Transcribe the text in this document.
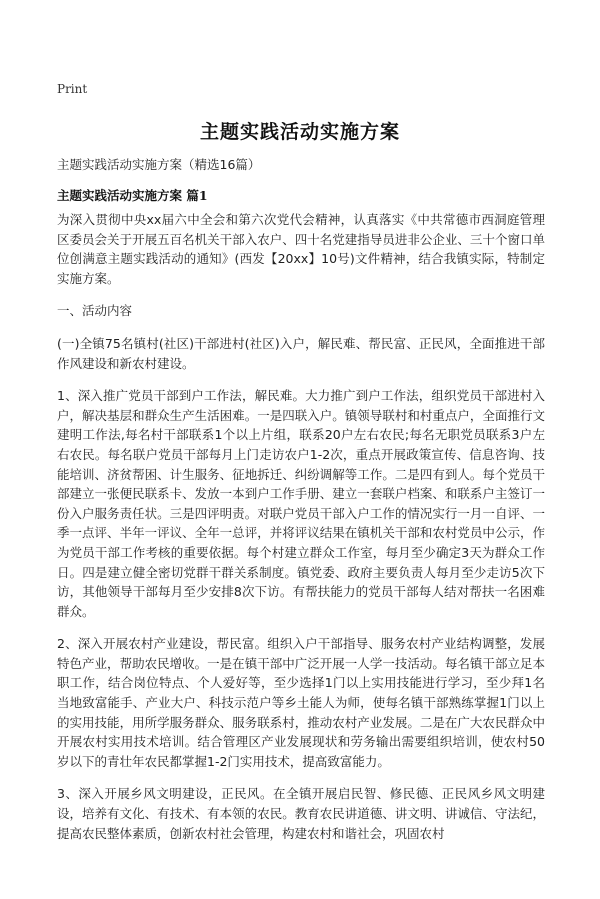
Print
主题实践活动实施方案
主题实践活动实施方案（精选16篇）
主题实践活动实施方案 篇1

为深入贯彻中央xx届六中全会和第六次党代会精神，认真落实《中共常德市西洞庭管理区委员会关于开展五百名机关干部入农户、四十名党建指导员进非公企业、三十个窗口单位创满意主题实践活动的通知》(西发【20xx】10号)文件精神，结合我镇实际，特制定实施方案。

一、活动内容

(一)全镇75名镇村(社区)干部进村(社区)入户，解民难、帮民富、正民风，全面推进干部作风建设和新农村建设。

1、深入推广党员干部到户工作法，解民难。大力推广到户工作法，组织党员干部进村入户，解决基层和群众生产生活困难。一是四联入户。镇领导联村和村重点户，全面推行文建明工作法,每名村干部联系1个以上片组，联系20户左右农民;每名无职党员联系3户左右农民。每名联户党员干部每月上门走访农户1-2次，重点开展政策宣传、信息咨询、技能培训、济贫帮困、计生服务、征地拆迁、纠纷调解等工作。二是四有到人。每个党员干部建立一张便民联系卡、发放一本到户工作手册、建立一套联户档案、和联系户主签订一份入户服务责任状。三是四评明责。对联户党员干部入户工作的情况实行一月一自评、一季一点评、半年一评议、全年一总评，并将评议结果在镇机关干部和农村党员中公示，作为党员干部工作考核的重要依据。每个村建立群众工作室，每月至少确定3天为群众工作日。四是建立健全密切党群干群关系制度。镇党委、政府主要负责人每月至少走访5次下访，其他领导干部每月至少安排8次下访。有帮扶能力的党员干部每人结对帮扶一名困难群众。

2、深入开展农村产业建设，帮民富。组织入户干部指导、服务农村产业结构调整，发展特色产业，帮助农民增收。一是在镇干部中广泛开展一人学一技活动。每名镇干部立足本职工作，结合岗位特点、个人爱好等，至少选择1门以上实用技能进行学习，至少拜1名当地致富能手、产业大户、科技示范户等乡土能人为师，使每名镇干部熟练掌握1门以上的实用技能，用所学服务群众、服务联系村，推动农村产业发展。二是在广大农民群众中开展农村实用技术培训。结合管理区产业发展现状和劳务输出需要组织培训，使农村50岁以下的青壮年农民都掌握1-2门实用技术，提高致富能力。

3、深入开展乡风文明建设，正民风。在全镇开展启民智、修民德、正民风乡风文明建设，培养有文化、有技术、有本领的农民。教育农民讲道德、讲文明、讲诚信、守法纪，提高农民整体素质，创新农村社会管理，构建农村和谐社会，巩固农村
